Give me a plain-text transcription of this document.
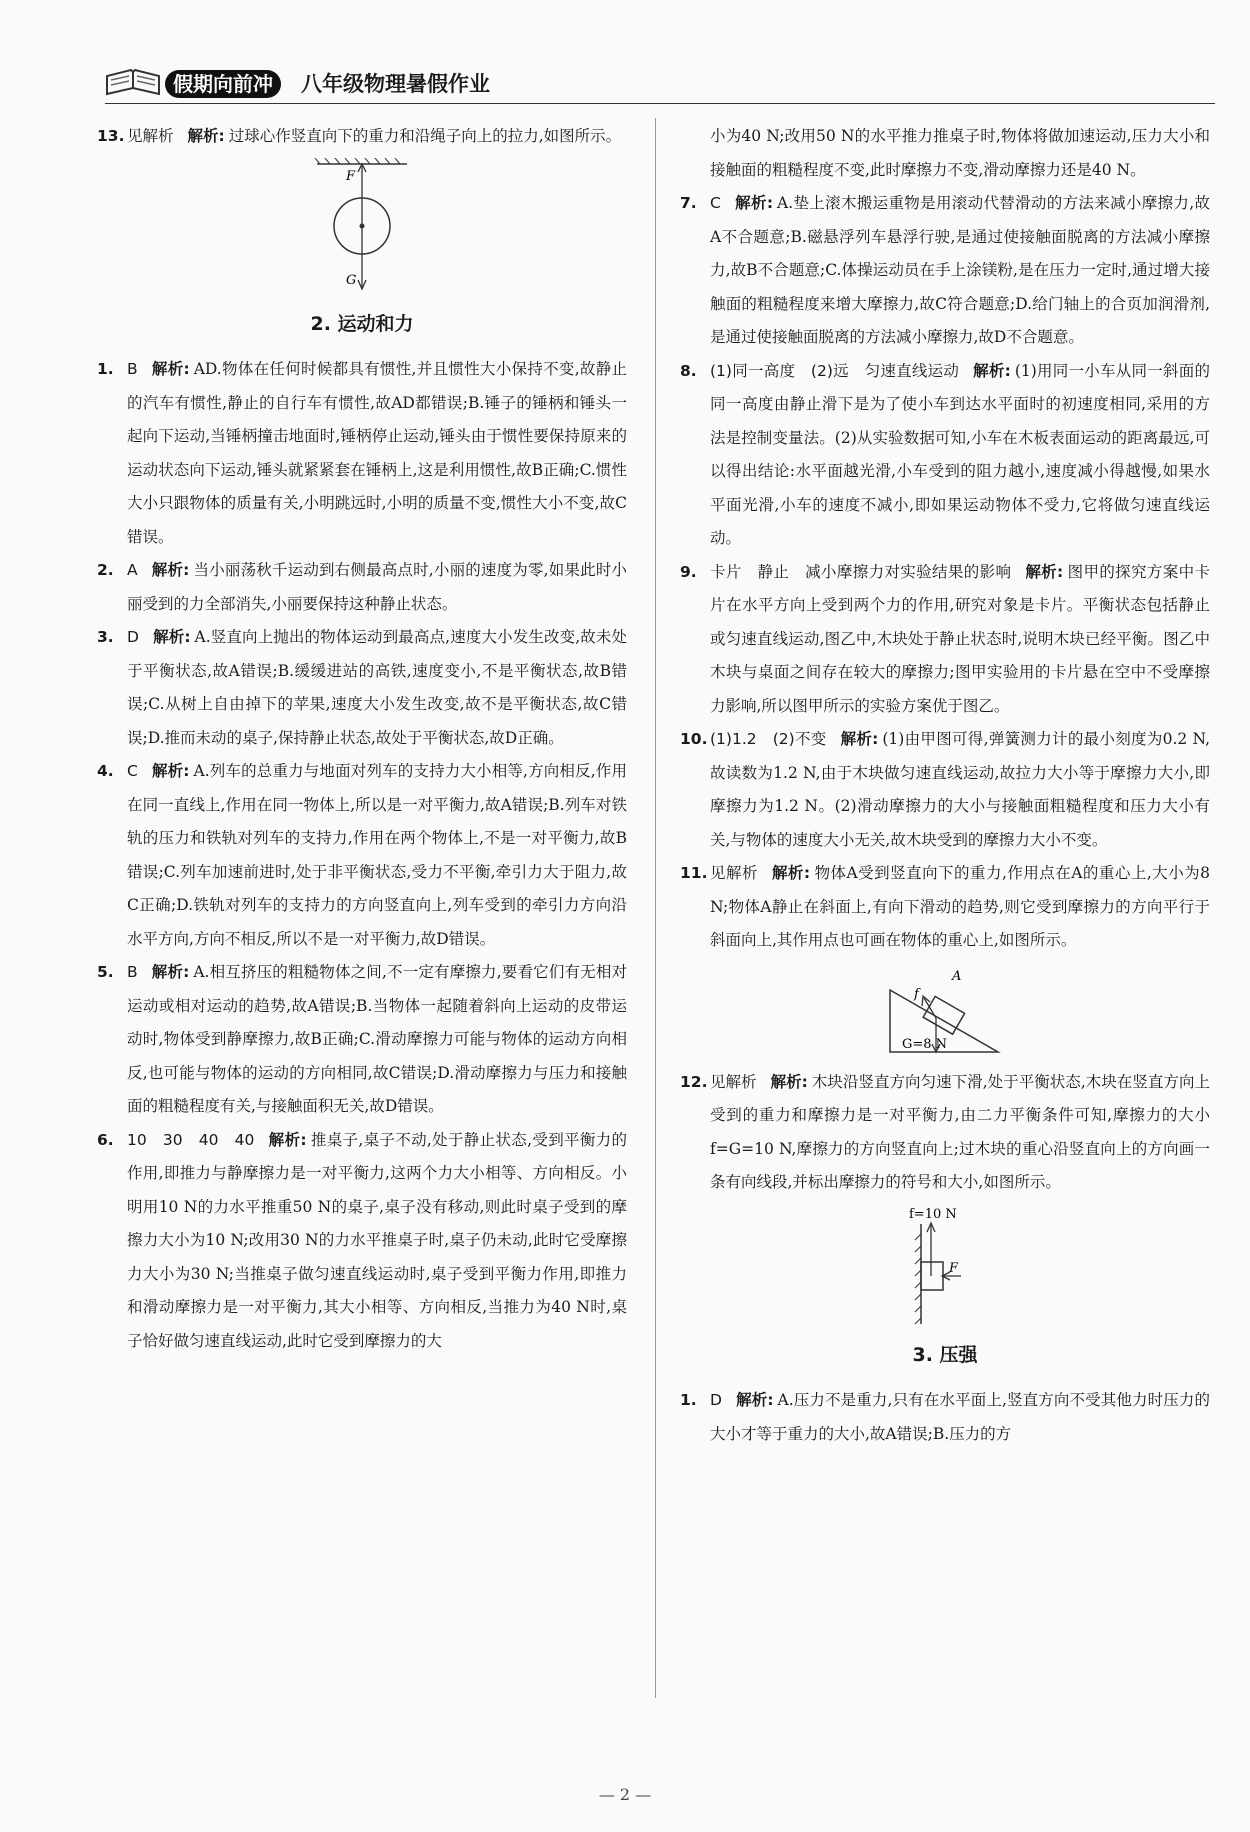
假期向前冲	八年级物理暑假作业

13. 见解析 解析: 过球心作竖直向下的重力和沿绳子向上的拉力,如图所示。

F
G
2. 运动和力

1. B 解析: AD.物体在任何时候都具有惯性,并且惯性大小保持不变,故静止的汽车有惯性,静止的自行车有惯性,故AD都错误;B.锤子的锤柄和锤头一起向下运动,当锤柄撞击地面时,锤柄停止运动,锤头由于惯性要保持原来的运动状态向下运动,锤头就紧紧套在锤柄上,这是利用惯性,故B正确;C.惯性大小只跟物体的质量有关,小明跳远时,小明的质量不变,惯性大小不变,故C错误。

2. A 解析: 当小丽荡秋千运动到右侧最高点时,小丽的速度为零,如果此时小丽受到的力全部消失,小丽要保持这种静止状态。

3. D 解析: A.竖直向上抛出的物体运动到最高点,速度大小发生改变,故未处于平衡状态,故A错误;B.缓缓进站的高铁,速度变小,不是平衡状态,故B错误;C.从树上自由掉下的苹果,速度大小发生改变,故不是平衡状态,故C错误;D.推而未动的桌子,保持静止状态,故处于平衡状态,故D正确。

4. C 解析: A.列车的总重力与地面对列车的支持力大小相等,方向相反,作用在同一直线上,作用在同一物体上,所以是一对平衡力,故A错误;B.列车对铁轨的压力和铁轨对列车的支持力,作用在两个物体上,不是一对平衡力,故B错误;C.列车加速前进时,处于非平衡状态,受力不平衡,牵引力大于阻力,故C正确;D.铁轨对列车的支持力的方向竖直向上,列车受到的牵引力方向沿水平方向,方向不相反,所以不是一对平衡力,故D错误。

5. B 解析: A.相互挤压的粗糙物体之间,不一定有摩擦力,要看它们有无相对运动或相对运动的趋势,故A错误;B.当物体一起随着斜向上运动的皮带运动时,物体受到静摩擦力,故B正确;C.滑动摩擦力可能与物体的运动方向相反,也可能与物体的运动的方向相同,故C错误;D.滑动摩擦力与压力和接触面的粗糙程度有关,与接触面积无关,故D错误。

6. 10　30　40　40 解析: 推桌子,桌子不动,处于静止状态,受到平衡力的作用,即推力与静摩擦力是一对平衡力,这两个力大小相等、方向相反。小明用10 N的力水平推重50 N的桌子,桌子没有移动,则此时桌子受到的摩擦力大小为10 N;改用30 N的力水平推桌子时,桌子仍未动,此时它受摩擦力大小为30 N;当推桌子做匀速直线运动时,桌子受到平衡力作用,即推力和滑动摩擦力是一对平衡力,其大小相等、方向相反,当推力为40 N时,桌子恰好做匀速直线运动,此时它受到摩擦力的大

小为40 N;改用50 N的水平推力推桌子时,物体将做加速运动,压力大小和接触面的粗糙程度不变,此时摩擦力不变,滑动摩擦力还是40 N。

7. C 解析: A.垫上滚木搬运重物是用滚动代替滑动的方法来减小摩擦力,故A不合题意;B.磁悬浮列车悬浮行驶,是通过使接触面脱离的方法减小摩擦力,故B不合题意;C.体操运动员在手上涂镁粉,是在压力一定时,通过增大接触面的粗糙程度来增大摩擦力,故C符合题意;D.给门轴上的合页加润滑剂,是通过使接触面脱离的方法减小摩擦力,故D不合题意。

8. (1)同一高度　(2)远　匀速直线运动 解析: (1)用同一小车从同一斜面的同一高度由静止滑下是为了使小车到达水平面时的初速度相同,采用的方法是控制变量法。(2)从实验数据可知,小车在木板表面运动的距离最远,可以得出结论:水平面越光滑,小车受到的阻力越小,速度减小得越慢,如果水平面光滑,小车的速度不减小,即如果运动物体不受力,它将做匀速直线运动。

9. 卡片　静止　减小摩擦力对实验结果的影响 解析: 图甲的探究方案中卡片在水平方向上受到两个力的作用,研究对象是卡片。平衡状态包括静止或匀速直线运动,图乙中,木块处于静止状态时,说明木块已经平衡。图乙中木块与桌面之间存在较大的摩擦力;图甲实验用的卡片悬在空中不受摩擦力影响,所以图甲所示的实验方案优于图乙。

10. (1)1.2　(2)不变 解析: (1)由甲图可得,弹簧测力计的最小刻度为0.2 N,故读数为1.2 N,由于木块做匀速直线运动,故拉力大小等于摩擦力大小,即摩擦力为1.2 N。(2)滑动摩擦力的大小与接触面粗糙程度和压力大小有关,与物体的速度大小无关,故木块受到的摩擦力大小不变。

11. 见解析 解析: 物体A受到竖直向下的重力,作用点在A的重心上,大小为8 N;物体A静止在斜面上,有向下滑动的趋势,则它受到摩擦力的方向平行于斜面向上,其作用点也可画在物体的重心上,如图所示。

f
A
G=8 N

12. 见解析 解析: 木块沿竖直方向匀速下滑,处于平衡状态,木块在竖直方向上受到的重力和摩擦力是一对平衡力,由二力平衡条件可知,摩擦力的大小 f=G=10 N,摩擦力的方向竖直向上;过木块的重心沿竖直向上的方向画一条有向线段,并标出摩擦力的符号和大小,如图所示。

f=10 N
F
3. 压强

1. D 解析: A.压力不是重力,只有在水平面上,竖直方向不受其他力时压力的大小才等于重力的大小,故A错误;B.压力的方

— 2 —
